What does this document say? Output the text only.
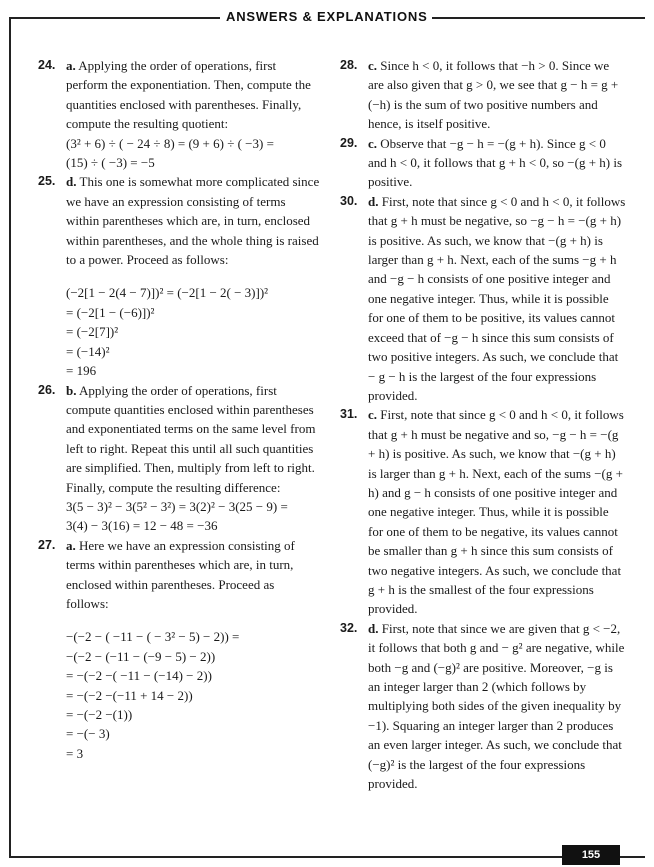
ANSWERS & EXPLANATIONS
155
24. a. Applying the order of operations, first perform the exponentiation. Then, compute the quantities enclosed with parentheses. Finally, compute the resulting quotient:
(3² + 6) ÷ ( − 24 ÷ 8) = (9 + 6) ÷ ( −3) =
(15) ÷ ( −3) = −5
25. d. This one is somewhat more complicated since we have an expression consisting of terms within parentheses which are, in turn, enclosed within parentheses, and the whole thing is raised to a power. Proceed as follows:
(−2[1 − 2(4 − 7)])² = (−2[1 − 2( − 3)])²
= (−2[1 − (−6)])²
= (−2[7])²
= (−14)²
= 196
26. b. Applying the order of operations, first compute quantities enclosed within parentheses and exponentiated terms on the same level from left to right. Repeat this until all such quantities are simplified. Then, multiply from left to right. Finally, compute the resulting difference:
3(5 − 3)² − 3(5² − 3²) = 3(2)² − 3(25 − 9) =
3(4) − 3(16) = 12 − 48 = −36
27. a. Here we have an expression consisting of terms within parentheses which are, in turn, enclosed within parentheses. Proceed as follows:
−(−2 − ( −11 − ( − 3² − 5) − 2)) =
−(−2 − (−11 − (−9 − 5) − 2))
= −(−2 −( −11 − (−14) − 2))
= −(−2 −(−11 + 14 − 2))
= −(−2 −(1))
= −(− 3)
= 3
28. c. Since h < 0, it follows that −h > 0. Since we are also given that g > 0, we see that g − h = g + (−h) is the sum of two positive numbers and hence, is itself positive.
29. c. Observe that −g − h = −(g + h). Since g < 0 and h < 0, it follows that g + h < 0, so −(g + h) is positive.
30. d. First, note that since g < 0 and h < 0, it follows that g + h must be negative, so −g − h = −(g + h) is positive. As such, we know that −(g + h) is larger than g + h. Next, each of the sums −g + h and −g − h consists of one positive integer and one negative integer. Thus, while it is possible for one of them to be positive, its values cannot exceed that of −g − h since this sum consists of two positive integers. As such, we conclude that − g − h is the largest of the four expressions provided.
31. c. First, note that since g < 0 and h < 0, it follows that g + h must be negative and so, −g − h = −(g + h) is positive. As such, we know that −(g + h) is larger than g + h. Next, each of the sums −(g + h) and g − h consists of one positive integer and one negative integer. Thus, while it is possible for one of them to be negative, its values cannot be smaller than g + h since this sum consists of two negative integers. As such, we conclude that g + h is the smallest of the four expressions provided.
32. d. First, note that since we are given that g < −2, it follows that both g and − g² are negative, while both −g and (−g)² are positive. Moreover, −g is an integer larger than 2 (which follows by multiplying both sides of the given inequality by −1). Squaring an integer larger than 2 produces an even larger integer. As such, we conclude that (−g)² is the largest of the four expressions provided.
